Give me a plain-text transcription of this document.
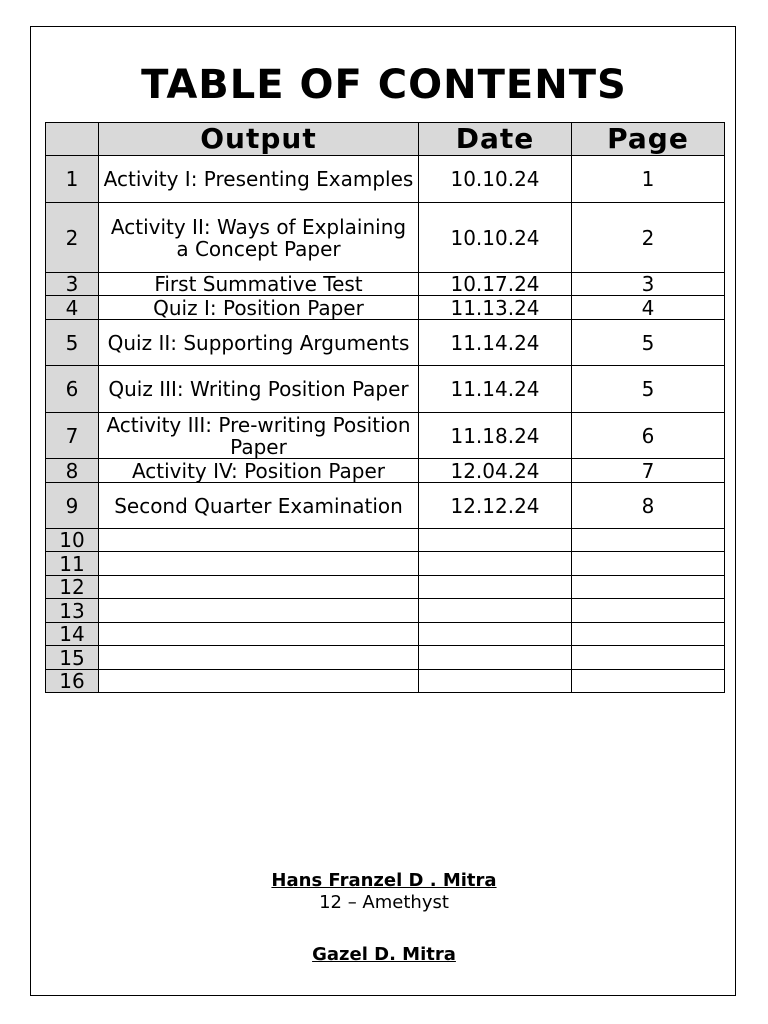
TABLE OF CONTENTS
	Output	Date	Page
1	Activity I: Presenting Examples	10.10.24	1
2	Activity II: Ways of Explaining a Concept Paper	10.10.24	2
3	First Summative Test	10.17.24	3
4	Quiz I: Position Paper	11.13.24	4
5	Quiz II: Supporting Arguments	11.14.24	5
6	Quiz III: Writing Position Paper	11.14.24	5
7	Activity III: Pre-writing Position Paper	11.18.24	6
8	Activity IV: Position Paper	12.04.24	7
9	Second Quarter Examination	12.12.24	8
10			
11			
12			
13			
14			
15			
16			
Hans Franzel D . Mitra
12 – Amethyst
Gazel D. Mitra
